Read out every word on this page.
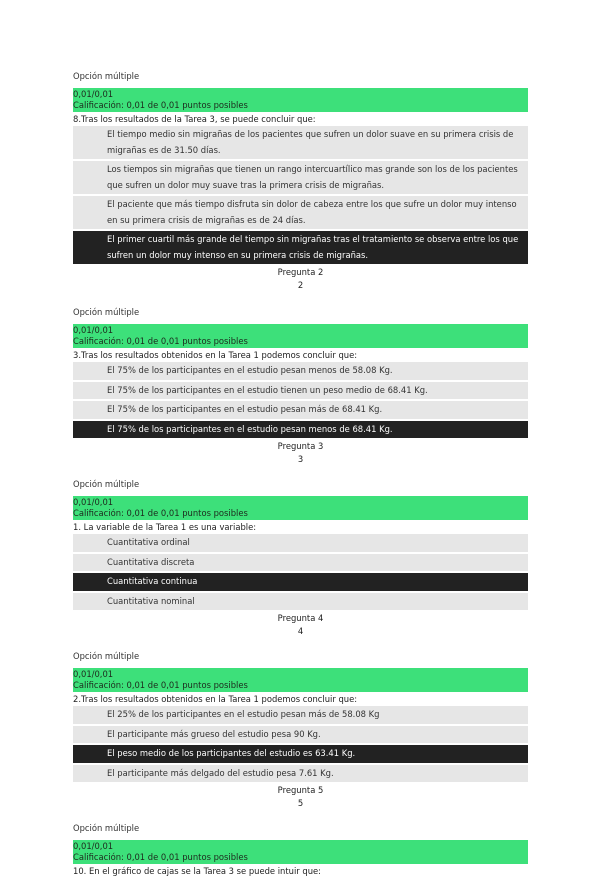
Opción múltiple
0,01/0,01
Calificación: 0,01 de 0,01 puntos posibles
8.Tras los resultados de la Tarea 3, se puede concluir que:
El tiempo medio sin migrañas de los pacientes que sufren un dolor suave en su primera crisis de migrañas es de 31.50 días.
Los tiempos sin migrañas que tienen un rango intercuartílico mas grande son los de los pacientes que sufren un dolor muy suave tras la primera crisis de migrañas.
El paciente que más tiempo disfruta sin dolor de cabeza entre los que sufre un dolor muy intenso en su primera crisis de migrañas es de 24 días.
El primer cuartil más grande del tiempo sin migrañas tras el tratamiento se observa entre los que sufren un dolor muy intenso en su primera crisis de migrañas.
Pregunta 2
2
Opción múltiple
0,01/0,01
Calificación: 0,01 de 0,01 puntos posibles
3.Tras los resultados obtenidos en la Tarea 1 podemos concluir que:
El 75% de los participantes en el estudio pesan menos de 58.08 Kg.
El 75% de los participantes en el estudio tienen un peso medio de 68.41 Kg.
El 75% de los participantes en el estudio pesan más de 68.41 Kg.
El 75% de los participantes en el estudio pesan menos de 68.41 Kg.
Pregunta 3
3
Opción múltiple
0,01/0,01
Calificación: 0,01 de 0,01 puntos posibles
1. La variable de la Tarea 1 es una variable:
Cuantitativa ordinal
Cuantitativa discreta
Cuantitativa continua
Cuantitativa nominal
Pregunta 4
4
Opción múltiple
0,01/0,01
Calificación: 0,01 de 0,01 puntos posibles
2.Tras los resultados obtenidos en la Tarea 1 podemos concluir que:
El 25% de los participantes en el estudio pesan más de 58.08 Kg
El participante más grueso del estudio pesa 90 Kg.
El peso medio de los participantes del estudio es 63.41 Kg.
El participante más delgado del estudio pesa 7.61 Kg.
Pregunta 5
5
Opción múltiple
0,01/0,01
Calificación: 0,01 de 0,01 puntos posibles
10. En el gráfico de cajas se la Tarea 3 se puede intuir que:
